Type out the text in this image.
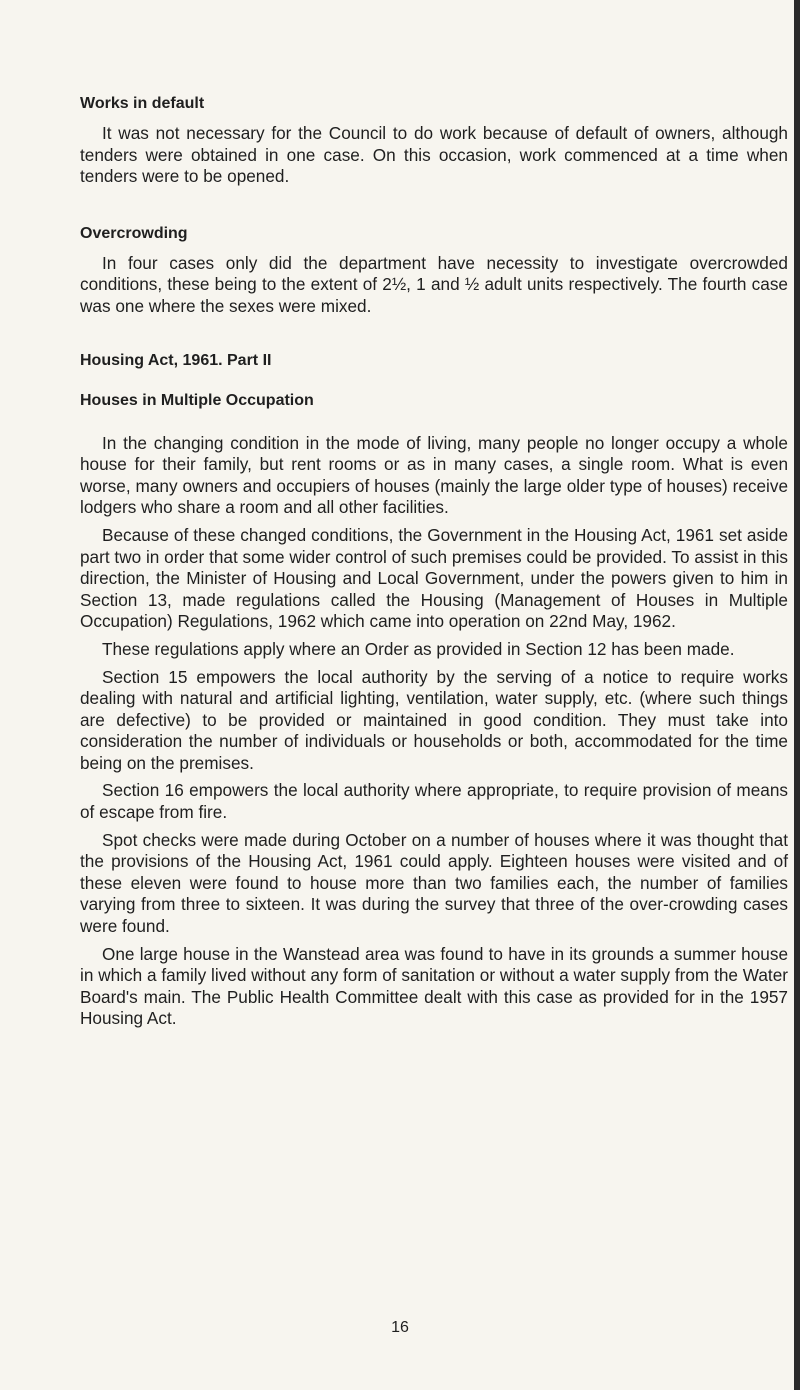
Works in default

It was not necessary for the Council to do work because of default of owners, although tenders were obtained in one case. On this occasion, work commenced at a time when tenders were to be opened.

Overcrowding

In four cases only did the department have necessity to investigate overcrowded conditions, these being to the extent of 2½, 1 and ½ adult units respectively. The fourth case was one where the sexes were mixed.

Housing Act, 1961. Part II
Houses in Multiple Occupation

In the changing condition in the mode of living, many people no longer occupy a whole house for their family, but rent rooms or as in many cases, a single room. What is even worse, many owners and occupiers of houses (mainly the large older type of houses) receive lodgers who share a room and all other facilities.

Because of these changed conditions, the Government in the Housing Act, 1961 set aside part two in order that some wider control of such premises could be provided. To assist in this direction, the Minister of Housing and Local Government, under the powers given to him in Section 13, made regulations called the Housing (Management of Houses in Multiple Occupation) Regulations, 1962 which came into operation on 22nd May, 1962.

These regulations apply where an Order as provided in Section 12 has been made.

Section 15 empowers the local authority by the serving of a notice to require works dealing with natural and artificial lighting, ventilation, water supply, etc. (where such things are defective) to be provided or maintained in good condition. They must take into consideration the number of individuals or households or both, accommodated for the time being on the premises.

Section 16 empowers the local authority where appropriate, to require provision of means of escape from fire.

Spot checks were made during October on a number of houses where it was thought that the provisions of the Housing Act, 1961 could apply. Eighteen houses were visited and of these eleven were found to house more than two families each, the number of families varying from three to sixteen. It was during the survey that three of the over-crowding cases were found.

One large house in the Wanstead area was found to have in its grounds a summer house in which a family lived without any form of sanitation or without a water supply from the Water Board's main. The Public Health Committee dealt with this case as provided for in the 1957 Housing Act.

16
